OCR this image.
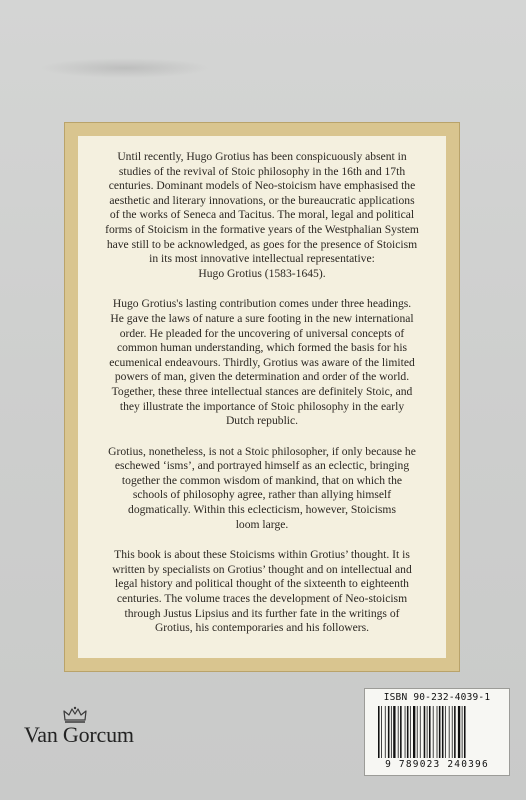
Until recently, Hugo Grotius has been conspicuously absent in
studies of the revival of Stoic philosophy in the 16th and 17th
centuries. Dominant models of Neo-stoicism have emphasised the
aesthetic and literary innovations, or the bureaucratic applications
of the works of Seneca and Tacitus. The moral, legal and political
forms of Stoicism in the formative years of the Westphalian System
have still to be acknowledged, as goes for the presence of Stoicism
in its most innovative intellectual representative:
Hugo Grotius (1583-1645).

Hugo Grotius's lasting contribution comes under three headings.
He gave the laws of nature a sure footing in the new international
order. He pleaded for the uncovering of universal concepts of
common human understanding, which formed the basis for his
ecumenical endeavours. Thirdly, Grotius was aware of the limited
powers of man, given the determination and order of the world.
Together, these three intellectual stances are definitely Stoic, and
they illustrate the importance of Stoic philosophy in the early
Dutch republic.

Grotius, nonetheless, is not a Stoic philosopher, if only because he
eschewed ‘isms’, and portrayed himself as an eclectic, bringing
together the common wisdom of mankind, that on which the
schools of philosophy agree, rather than allying himself
dogmatically. Within this eclecticism, however, Stoicisms
loom large.

This book is about these Stoicisms within Grotius’ thought. It is
written by specialists on Grotius’ thought and on intellectual and
legal history and political thought of the sixteenth to eighteenth
centuries. The volume traces the development of Neo-stoicism
through Justus Lipsius and its further fate in the writings of
Grotius, his contemporaries and his followers.

ISBN 90-232-4039-1
9 789023 240396
Van Gorcum
